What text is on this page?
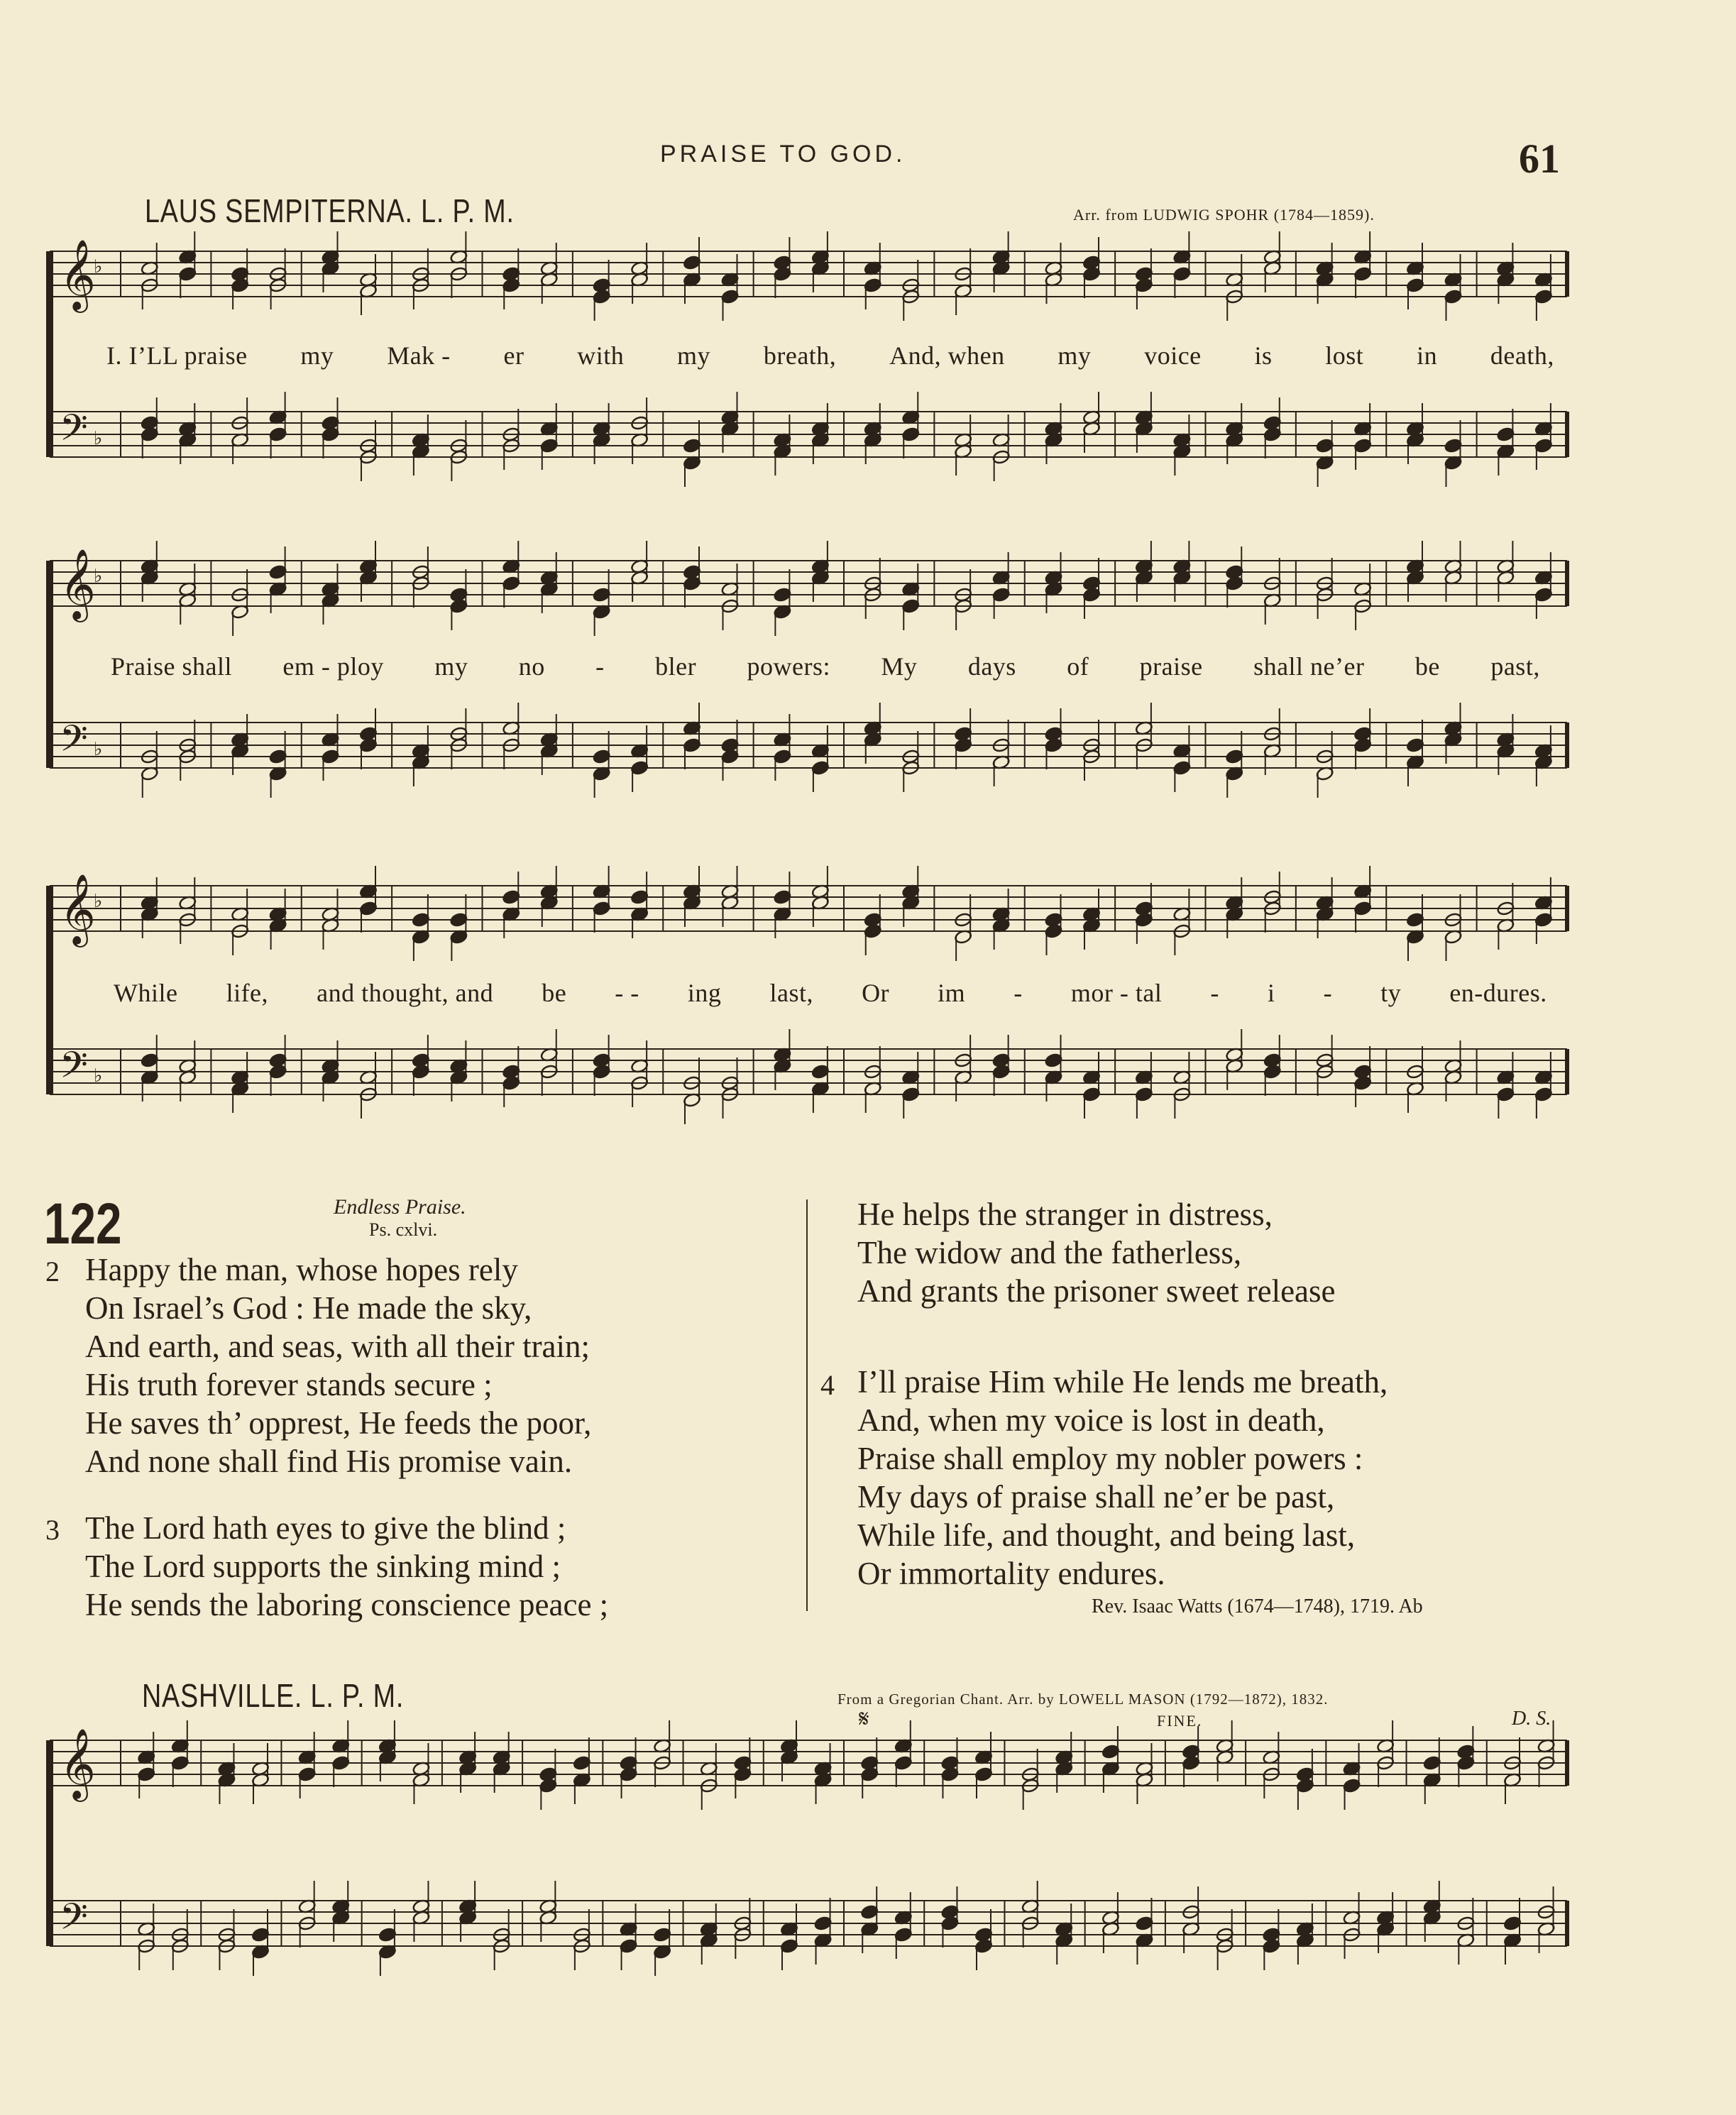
PRAISE TO GOD.	61
LAUS SEMPITERNA. L. P. M.	Arr. from LUDWIG SPOHR (1784—1859).
𝄞
𝄢
♭
♭
𝄞
𝄢
♭
♭
𝄞
𝄢
♭
♭
𝄞
𝄢
I. I’LL praise my Mak - er with my breath, And, when my voice is lost in death,
Praise shall em - ploy my no - bler powers: My days of praise shall ne’er be past,
While life, and thought, and be - - ing last, Or im - mor - tal - i - ty en-dures.
122	Endless Praise.
Ps. cxlvi.
2 Happy the man, whose hopes rely
On Israel’s God : He made the sky,
And earth, and seas, with all their train;
His truth forever stands secure ;
He saves th’ opprest, He feeds the poor,
And none shall find His promise vain.
3 The Lord hath eyes to give the blind ;
The Lord supports the sinking mind ;
He sends the laboring conscience peace ;
He helps the stranger in distress,
The widow and the fatherless,
And grants the prisoner sweet release
4 I’ll praise Him while He lends me breath,
And, when my voice is lost in death,
Praise shall employ my nobler powers :
My days of praise shall ne’er be past,
While life, and thought, and being last,
Or immortality endures.
Rev. Isaac Watts (1674—1748), 1719. Ab
NASHVILLE. L. P. M.	From a Gregorian Chant. Arr. by LOWELL MASON (1792—1872), 1832.
𝄋	FINE.	D. S.
